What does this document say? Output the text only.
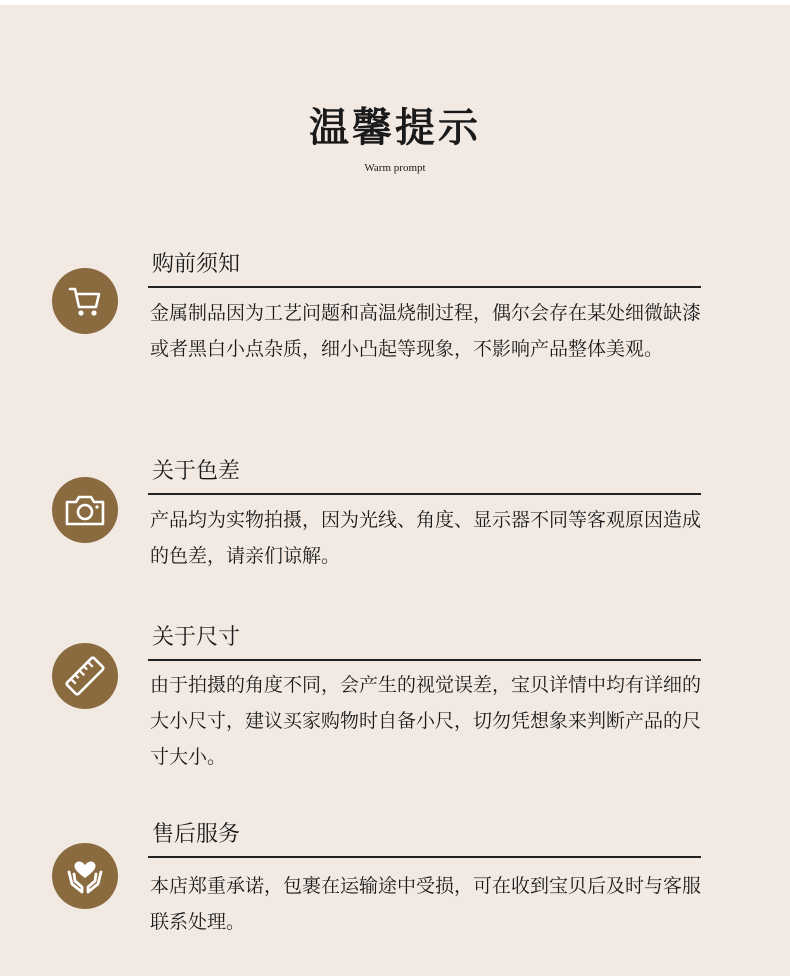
温馨提示
Warm prompt
购前须知
金属制品因为工艺问题和高温烧制过程，偶尔会存在某处细微缺漆或者黑白小点杂质，细小凸起等现象，不影响产品整体美观。
关于色差
产品均为实物拍摄，因为光线、角度、显示器不同等客观原因造成的色差，请亲们谅解。
关于尺寸
由于拍摄的角度不同，会产生的视觉误差，宝贝详情中均有详细的大小尺寸，建议买家购物时自备小尺，切勿凭想象来判断产品的尺寸大小。
售后服务
本店郑重承诺，包裹在运输途中受损，可在收到宝贝后及时与客服联系处理。
